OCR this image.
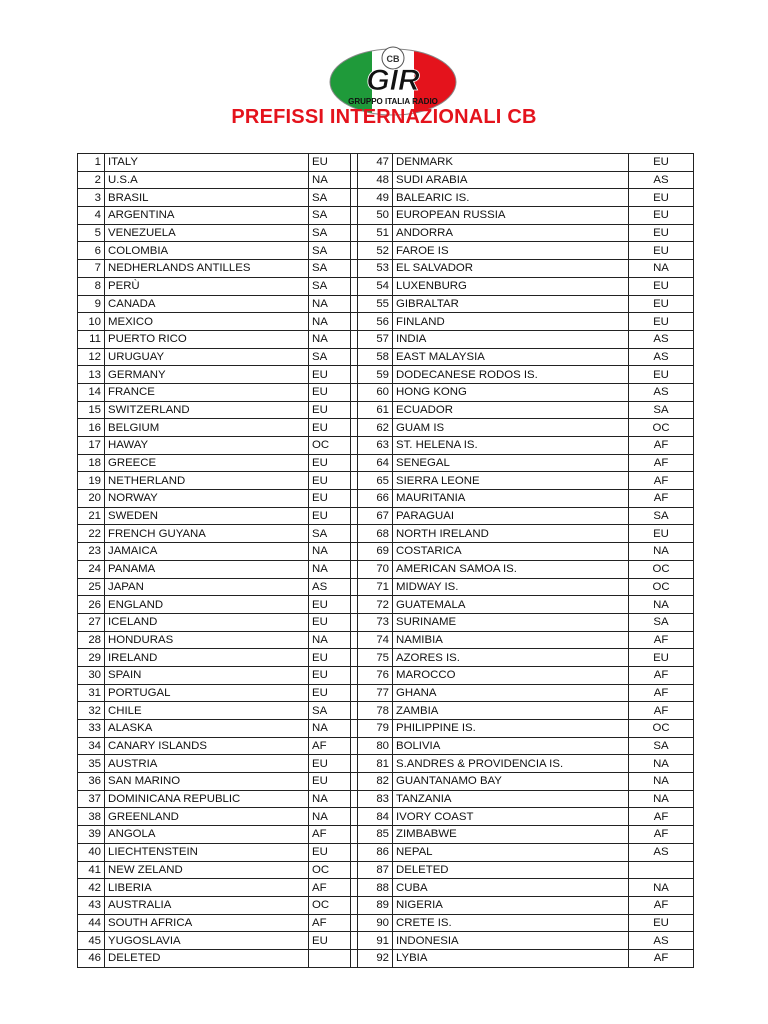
CB
GIR
GRUPPO ITALIA RADIO
PREFISSI INTERNAZIONALI CB
1	ITALY	EU		47	DENMARK	EU
2	U.S.A	NA		48	SUDI ARABIA	AS
3	BRASIL	SA		49	BALEARIC IS.	EU
4	ARGENTINA	SA		50	EUROPEAN RUSSIA	EU
5	VENEZUELA	SA		51	ANDORRA	EU
6	COLOMBIA	SA		52	FAROE IS	EU
7	NEDHERLANDS ANTILLES	SA		53	EL SALVADOR	NA
8	PERÙ	SA		54	LUXENBURG	EU
9	CANADA	NA		55	GIBRALTAR	EU
10	MEXICO	NA		56	FINLAND	EU
11	PUERTO RICO	NA		57	INDIA	AS
12	URUGUAY	SA		58	EAST MALAYSIA	AS
13	GERMANY	EU		59	DODECANESE RODOS IS.	EU
14	FRANCE	EU		60	HONG KONG	AS
15	SWITZERLAND	EU		61	ECUADOR	SA
16	BELGIUM	EU		62	GUAM IS	OC
17	HAWAY	OC		63	ST. HELENA IS.	AF
18	GREECE	EU		64	SENEGAL	AF
19	NETHERLAND	EU		65	SIERRA LEONE	AF
20	NORWAY	EU		66	MAURITANIA	AF
21	SWEDEN	EU		67	PARAGUAI	SA
22	FRENCH GUYANA	SA		68	NORTH IRELAND	EU
23	JAMAICA	NA		69	COSTARICA	NA
24	PANAMA	NA		70	AMERICAN SAMOA IS.	OC
25	JAPAN	AS		71	MIDWAY IS.	OC
26	ENGLAND	EU		72	GUATEMALA	NA
27	ICELAND	EU		73	SURINAME	SA
28	HONDURAS	NA		74	NAMIBIA	AF
29	IRELAND	EU		75	AZORES IS.	EU
30	SPAIN	EU		76	MAROCCO	AF
31	PORTUGAL	EU		77	GHANA	AF
32	CHILE	SA		78	ZAMBIA	AF
33	ALASKA	NA		79	PHILIPPINE IS.	OC
34	CANARY ISLANDS	AF		80	BOLIVIA	SA
35	AUSTRIA	EU		81	S.ANDRES & PROVIDENCIA IS.	NA
36	SAN MARINO	EU		82	GUANTANAMO BAY	NA
37	DOMINICANA REPUBLIC	NA		83	TANZANIA	NA
38	GREENLAND	NA		84	IVORY COAST	AF
39	ANGOLA	AF		85	ZIMBABWE	AF
40	LIECHTENSTEIN	EU		86	NEPAL	AS
41	NEW ZELAND	OC		87	DELETED	
42	LIBERIA	AF		88	CUBA	NA
43	AUSTRALIA	OC		89	NIGERIA	AF
44	SOUTH AFRICA	AF		90	CRETE IS.	EU
45	YUGOSLAVIA	EU		91	INDONESIA	AS
46	DELETED			92	LYBIA	AF
